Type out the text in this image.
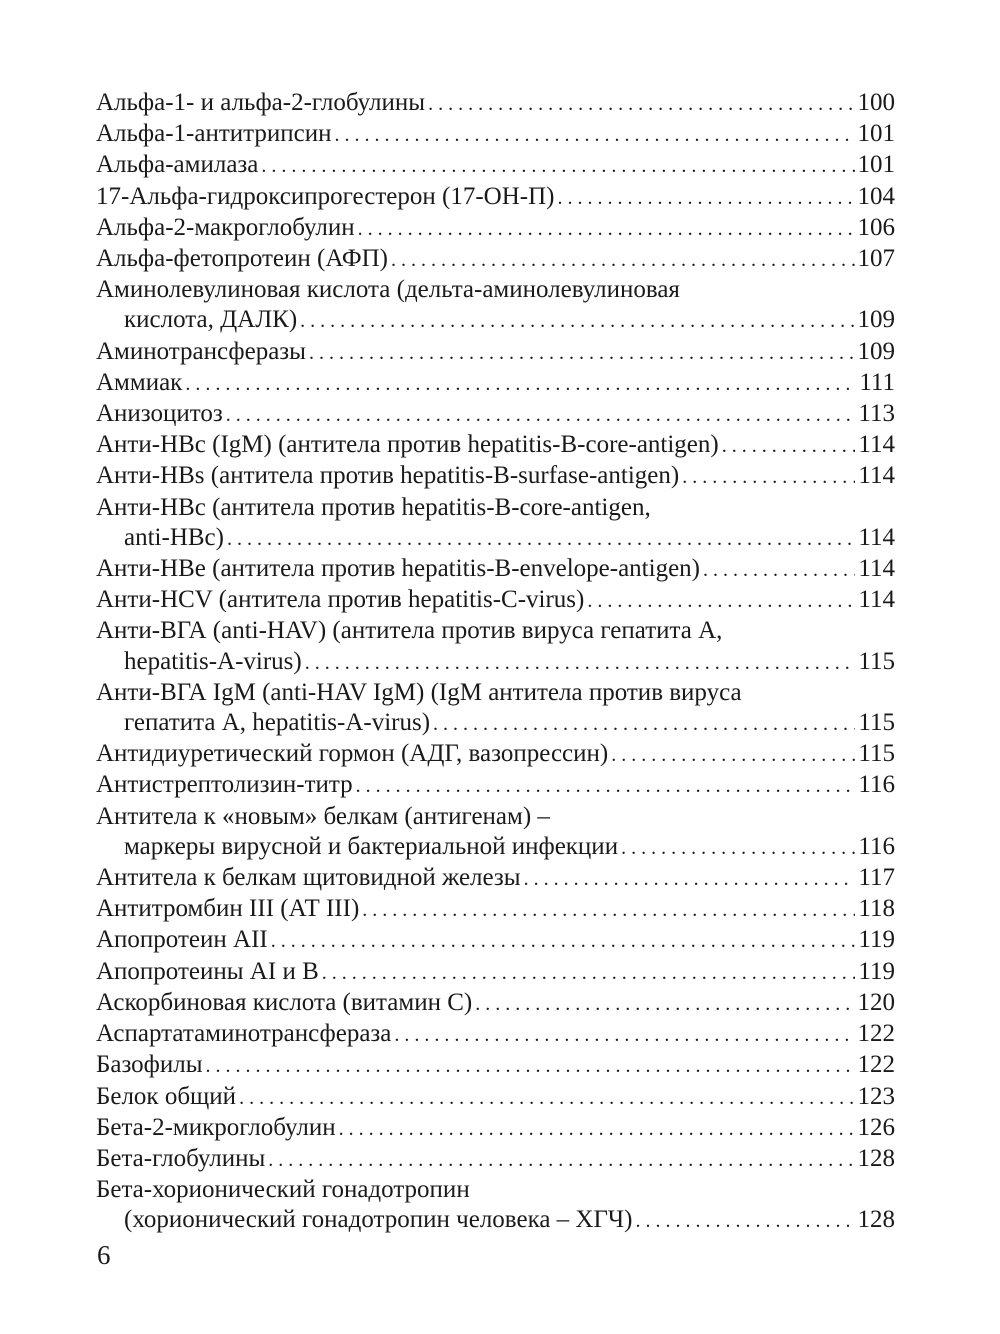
Альфа-1- и альфа-2-глобулины . . .	100
Альфа-1-антитрипсин . . .	101
Альфа-амилаза . . .	101
17-Альфа-гидроксипрогестерон (17-ОН-П) . . .	104
Альфа-2-макроглобулин . . .	106
Альфа-фетопротеин (АФП) . . .	107
Аминолевулиновая кислота (дельта-аминолевулиновая
кислота, ДАЛК) . . .	109
Аминотрансферазы . . .	109
Аммиак . . .	111
Анизоцитоз . . .	113
Анти-HBc (IgM) (антитела против hepatitis-B-core-antigen) . . .	114
Анти-HBs (антитела против hepatitis-B-surfase-antigen) . . .	114
Анти-HBc (антитела против hepatitis-B-core-antigen,
anti-HBc) . . .	114
Анти-HBe (антитела против hepatitis-B-envelope-antigen) . . .	114
Анти-HCV (антитела против hepatitis-C-virus) . . .	114
Анти-ВГА (anti-HAV) (антитела против вируса гепатита А,
hepatitis-A-virus) . . .	115
Анти-ВГА IgM (anti-HAV IgM) (IgM антитела против вируса
гепатита А, hepatitis-A-virus) . . .	115
Антидиуретический гормон (АДГ, вазопрессин) . . .	115
Антистрептолизин-титр . . .	116
Антитела к «новым» белкам (антигенам) –
маркеры вирусной и бактериальной инфекции . . .	116
Антитела к белкам щитовидной железы . . .	117
Антитромбин III (АТ III) . . .	118
Апопротеин АII . . .	119
Апопротеины АI и В . . .	119
Аскорбиновая кислота (витамин С) . . .	120
Аспартатаминотрансфераза . . .	122
Базофилы . . .	122
Белок общий . . .	123
Бета-2-микроглобулин . . .	126
Бета-глобулины . . .	128
Бета-хорионический гонадотропин
(хорионический гонадотропин человека – ХГЧ) . . .	128
6
